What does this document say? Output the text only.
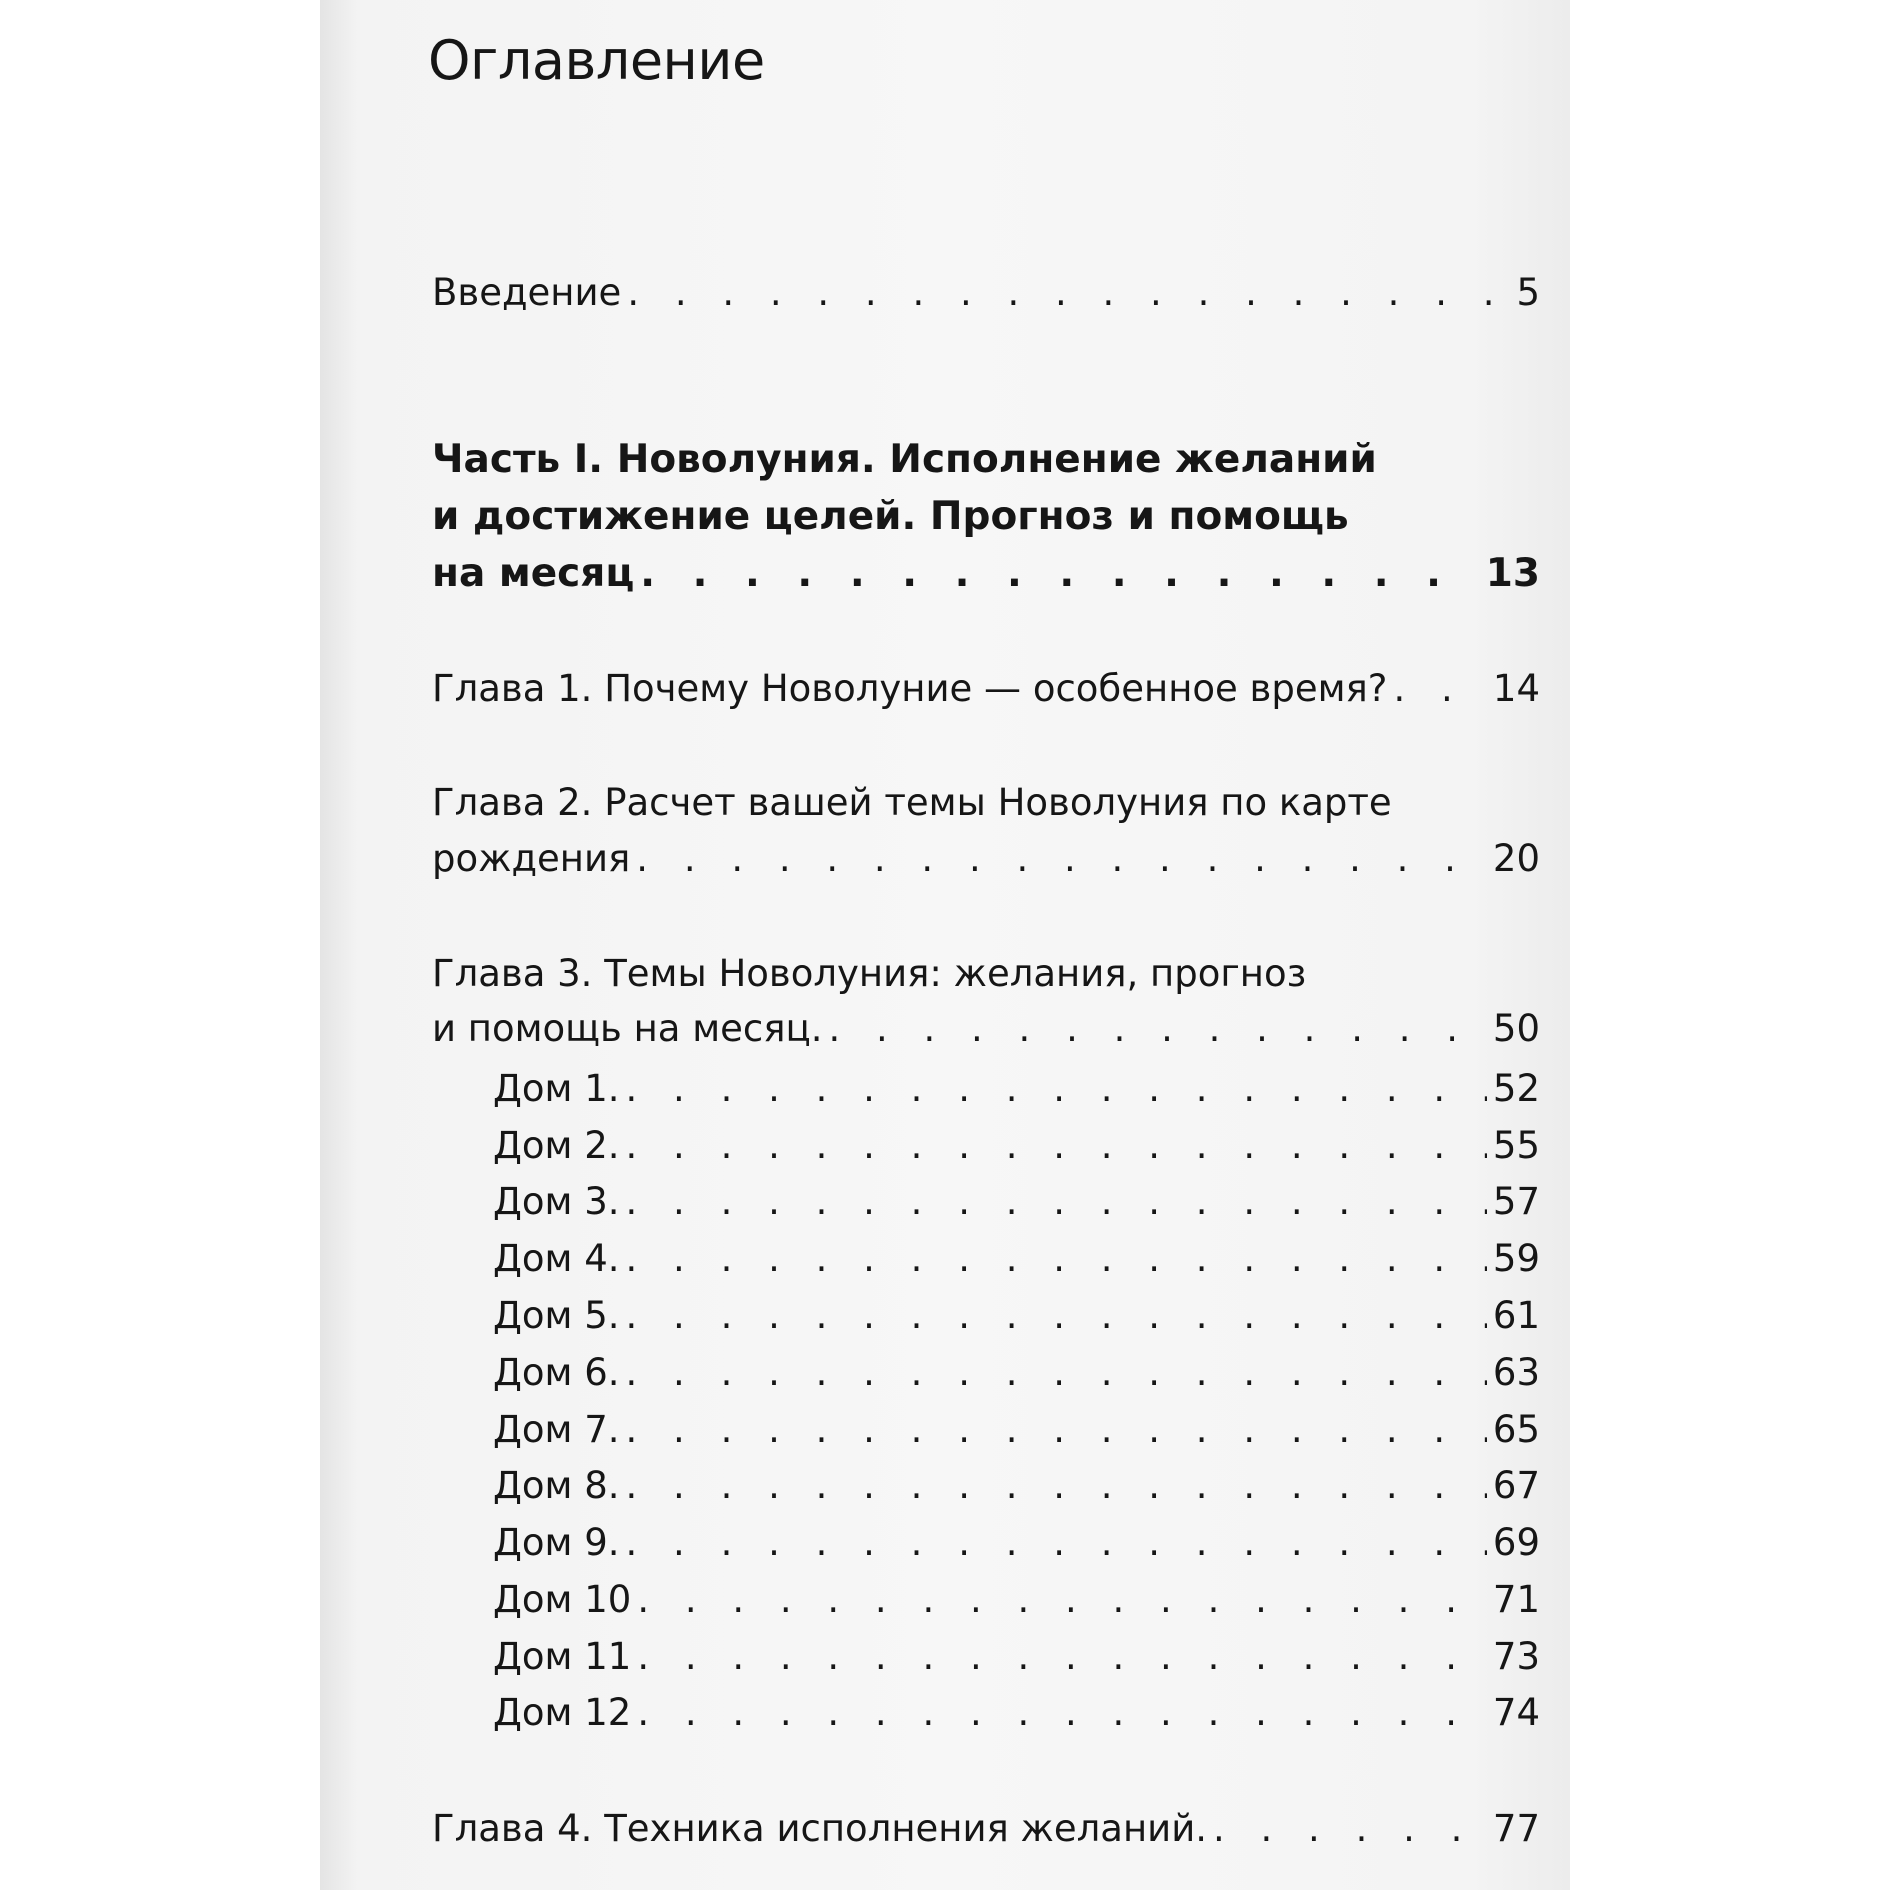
Оглавление
Введение . . .	5
Часть I. Новолуния. Исполнение желаний
и достижение целей. Прогноз и помощь
на месяц . . .	13
Глава 1. Почему Новолуние — особенное время? . . .	14
Глава 2. Расчет вашей темы Новолуния по карте
рождения . . .	20
Глава 3. Темы Новолуния: желания, прогноз
и помощь на месяц. . . .	50
Дом 1. . . .	52
Дом 2. . . .	55
Дом 3. . . .	57
Дом 4. . . .	59
Дом 5. . . .	61
Дом 6. . . .	63
Дом 7. . . .	65
Дом 8. . . .	67
Дом 9. . . .	69
Дом 10 . . .	71
Дом 11 . . .	73
Дом 12 . . .	74
Глава 4. Техника исполнения желаний. . . .	77
